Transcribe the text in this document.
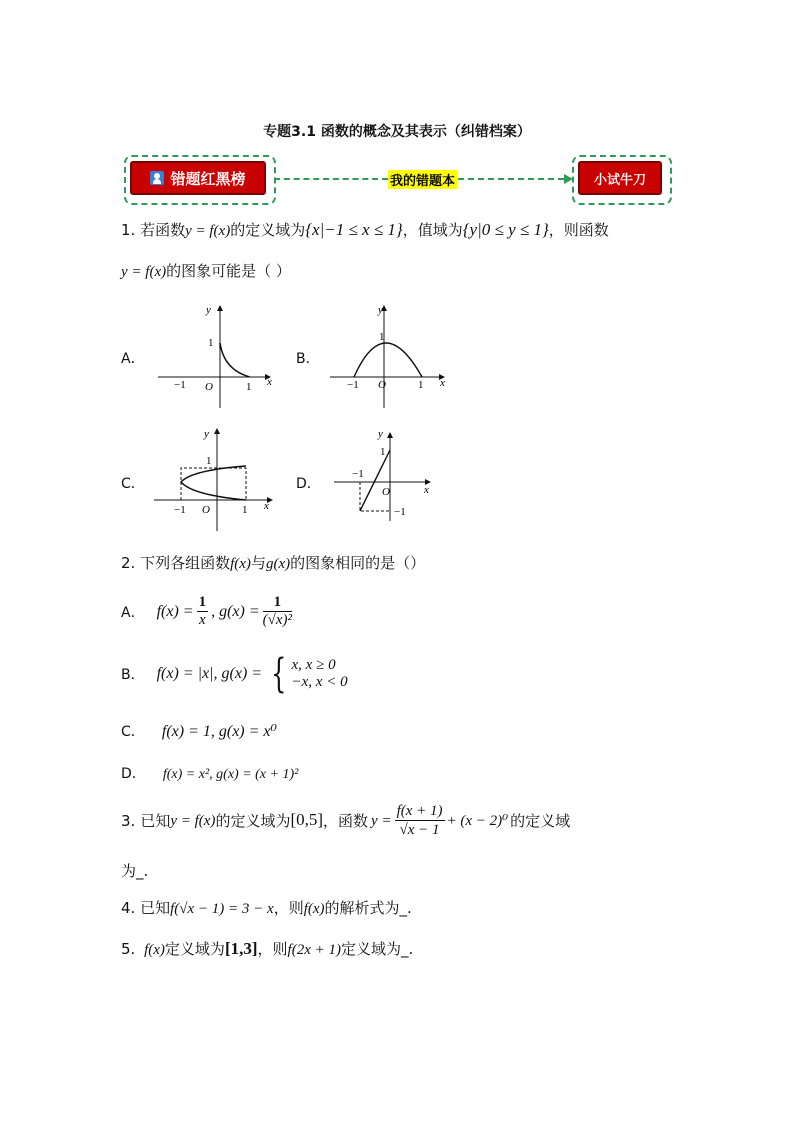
专题3.1 函数的概念及其表示（纠错档案）
错题红黑榜	我的错题本	小试牛刀
1. 若函数y = f(x)的定义域为{x|−1 ≤ x ≤ 1}，值域为{y|0 ≤ y ≤ 1}，则函数
y = f(x)的图象可能是（ ）
A．	B．
C．	D．
y
x
O
1
1
−1
y
x
O
1
1
−1
y
x
O
1
1
−1
y
x
O
1
−1
−1
2. 下列各组函数f(x)与g(x)的图象相同的是（）
A． $f(x) = \frac{1}{x}$ , $g(x) = \frac{1}{\text{(√x)²}}$
B． f(x) = |x|, g(x) = { x, x ≥ 0
−x, x < 0
C． f(x) = 1, g(x) = x⁰
D． f(x) = x², g(x) = (x + 1)²
3. 已知 y = f(x) 的定义域为 [0,5] ，函数 $y = \frac{f(x + 1)}{√x - 1} + (x - 2)^0$ 的定义域
为_.
4. 已知f(√x − 1) = 3 − x，则f(x)的解析式为_.
5. f(x)定义域为[1,3]，则f(2x + 1)定义域为_.
